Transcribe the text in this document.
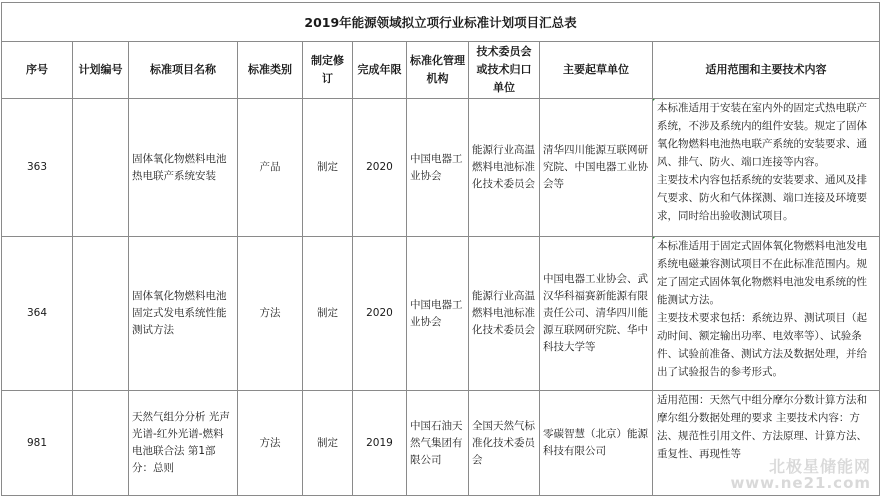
2019年能源领域拟立项行业标准计划项目汇总表									
序号	计划编号	标准项目名称	标准类别	制定修订	完成年限	标准化管理机构	技术委员会或技术归口单位	主要起草单位	适用范围和主要技术内容
363		固体氧化物燃料电池热电联产系统安装	产品	制定	2020	中国电器工业协会	能源行业高温燃料电池标准化技术委员会	清华四川能源互联网研究院、中国电器工业协会等	本标准适用于安装在室内外的固定式热电联产系统，不涉及系统内的组件安装。规定了固体氧化物燃料电池热电联产系统的安装要求、通风、排气、防火、端口连接等内容。

主要技术内容包括系统的安装要求、通风及排气要求、防火和气体探测、端口连接及环境要求，同时给出验收测试项目。

364		固体氧化物燃料电池固定式发电系统性能测试方法	方法	制定	2020	中国电器工业协会	能源行业高温燃料电池标准化技术委员会	中国电器工业协会、武汉华科福赛新能源有限责任公司、清华四川能源互联网研究院、华中科技大学等	本标准适用于固定式固体氧化物燃料电池发电系统电磁兼容测试项目不在此标准范围内。规定了固定式固体氧化物燃料电池发电系统的性能测试方法。

主要技术要求包括：系统边界、测试项目（起动时间、额定输出功率、电效率等）、试验条件、试验前准备、测试方法及数据处理，并给出了试验报告的参考形式。

981		天然气组分分析 光声光谱-红外光谱-燃料电池联合法 第1部分：总则	方法	制定	2019	中国石油天然气集团有限公司	全国天然气标准化技术委员会	零碳智慧（北京）能源科技有限公司	适用范围：天然气中组分摩尔分数计算方法和摩尔组分数据处理的要求 主要技术内容：方法、规范性引用文件、方法原理、计算方法、重复性、再现性等

北极星储能网
www.ne21.com
